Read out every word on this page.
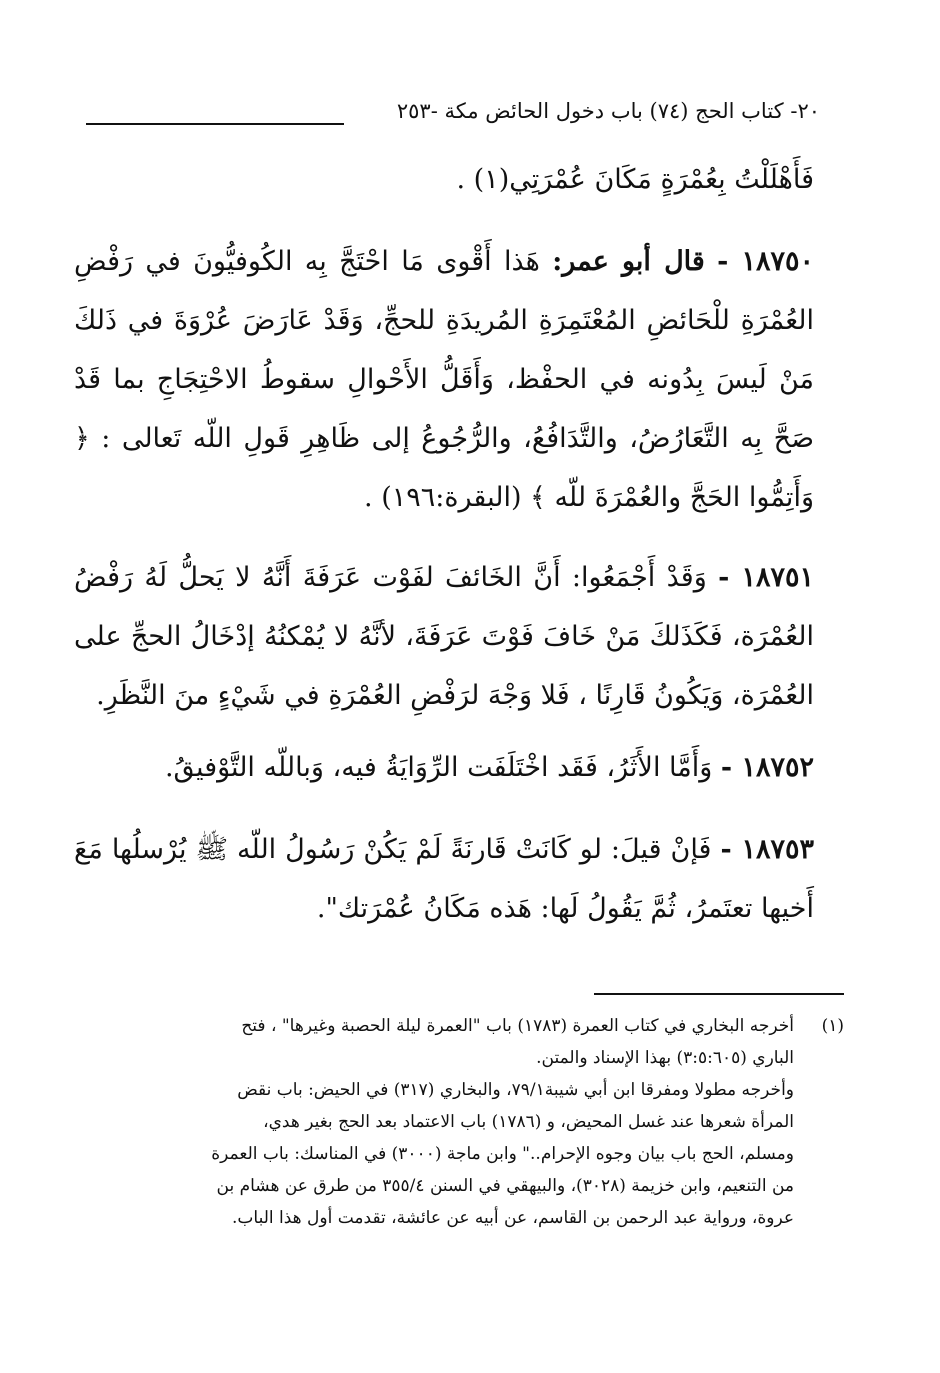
٢٠- كتاب الحج (٧٤) باب دخول الحائض مكة -٢٥٣

فَأَهْلَلْتُ بِعُمْرَةٍ مَكَانَ عُمْرَتِي(١) .

١٨٧٥٠ - قال أبو عمر: هَذا أَقْوى مَا احْتَجَّ بِه الكُوفيُّونَ في رَفْضِ العُمْرَةِ للْحَائضِ المُعْتَمِرَةِ المُريدَةِ للحجِّ، وَقَدْ عَارَضَ عُرْوَةَ في ذَلكَ مَنْ لَيسَ بِدُونه في الحفْظ، وَأَقَلُّ الأَحْوالِ سقوطُ الاحْتِجَاجِ بما قَدْ صَحَّ بِه التَّعَارُضُ، والتَّدَافُعُ، والرُّجُوعُ إلى ظَاهِرِ قَولِ اللّه تَعالى : ﴿ وَأَتِمُّوا الحَجَّ والعُمْرَةَ للّه ﴾ (البقرة:١٩٦) .

١٨٧٥١ - وَقَدْ أَجْمَعُوا: أَنَّ الخَائفَ لفَوْت عَرَفَةَ أَنَّهُ لا يَحلُّ لَهُ رَفْضُ العُمْرَة، فَكَذَلكَ مَنْ خَافَ فَوْتَ عَرَفَةَ، لأنَّهُ لا يُمْكنُهُ إدْخَالُ الحجِّ على العُمْرَة، وَيَكُونُ قَارِنًا ، فَلا وَجْهَ لرَفْضِ العُمْرَةِ في شَيْءٍ منَ النَّظَرِ.

١٨٧٥٢ - وَأَمَّا الأَثَرُ، فَقَد اخْتَلَفَت الرِّوَايَةُ فيه، وَباللّه التَّوْفيقُ.

١٨٧٥٣ - فَإنْ قيلَ: لو كَانَتْ قَارنَةً لَمْ يَكُنْ رَسُولُ اللّه ﷺ يُرْسلُها مَعَ أَخيها تعتَمرُ، ثُمَّ يَقُولُ لَها: هَذه مَكَانُ عُمْرَتك".

(١)
أخرجه البخاري في كتاب العمرة (١٧٨٣) باب "العمرة ليلة الحصبة وغيرها" ، فتح
الباري (٣:٥:٦٠٥) بهذا الإسناد والمتن.
وأخرجه مطولا ومفرقا ابن أبي شيبة٧٩/١، والبخاري (٣١٧) في الحيض: باب نقض
المرأة شعرها عند غسل المحيض، و (١٧٨٦) باب الاعتماد بعد الحج بغير هدي،
ومسلم، الحج باب بيان وجوه الإحرام.." وابن ماجة (٣٠٠٠) في المناسك: باب العمرة
من التنعيم، وابن خزيمة (٣٠٢٨)، والبيهقي في السنن ٣٥٥/٤ من طرق عن هشام بن
عروة، ورواية عبد الرحمن بن القاسم، عن أبيه عن عائشة، تقدمت أول هذا الباب.
